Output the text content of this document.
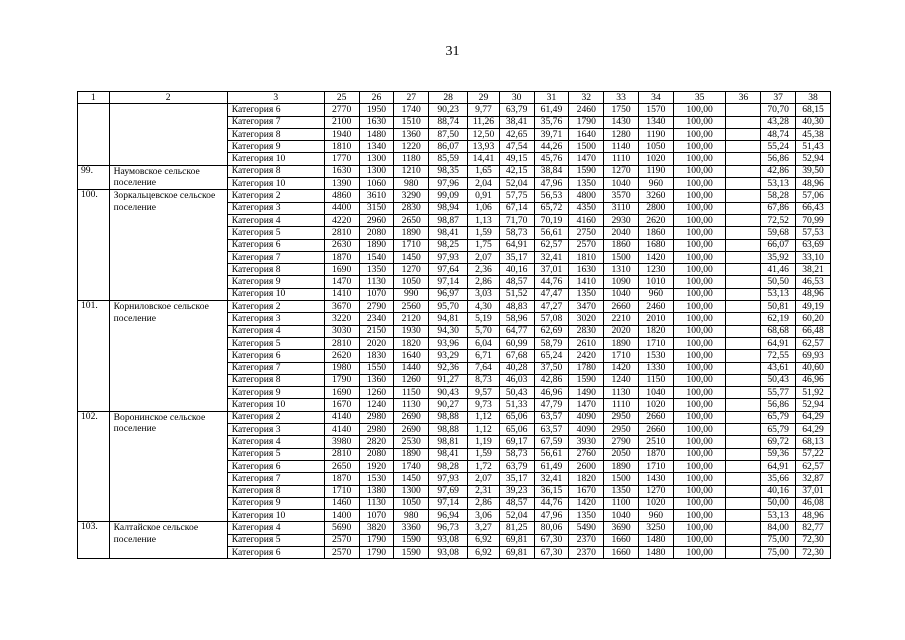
31
1	2	3	25	26	27	28	29	30	31	32	33	34	35	36	37	38
		Категория 6	2770	1950	1740	90,23	9,77	63,79	61,49	2460	1750	1570	100,00		70,70	68,15
		Категория 7	2100	1630	1510	88,74	11,26	38,41	35,76	1790	1430	1340	100,00		43,28	40,30
		Категория 8	1940	1480	1360	87,50	12,50	42,65	39,71	1640	1280	1190	100,00		48,74	45,38
		Категория 9	1810	1340	1220	86,07	13,93	47,54	44,26	1500	1140	1050	100,00		55,24	51,43
		Категория 10	1770	1300	1180	85,59	14,41	49,15	45,76	1470	1110	1020	100,00		56,86	52,94
99.	Наумовское сельское поселение	Категория 8	1630	1300	1210	98,35	1,65	42,15	38,84	1590	1270	1190	100,00		42,86	39,50
		Категория 10	1390	1060	980	97,96	2,04	52,04	47,96	1350	1040	960	100,00		53,13	48,96
100.	Зоркальцевское сельское поселение	Категория 2	4860	3610	3290	99,09	0,91	57,75	56,53	4800	3570	3260	100,00		58,28	57,06
		Категория 3	4400	3150	2830	98,94	1,06	67,14	65,72	4350	3110	2800	100,00		67,86	66,43
		Категория 4	4220	2960	2650	98,87	1,13	71,70	70,19	4160	2930	2620	100,00		72,52	70,99
		Категория 5	2810	2080	1890	98,41	1,59	58,73	56,61	2750	2040	1860	100,00		59,68	57,53
		Категория 6	2630	1890	1710	98,25	1,75	64,91	62,57	2570	1860	1680	100,00		66,07	63,69
		Категория 7	1870	1540	1450	97,93	2,07	35,17	32,41	1810	1500	1420	100,00		35,92	33,10
		Категория 8	1690	1350	1270	97,64	2,36	40,16	37,01	1630	1310	1230	100,00		41,46	38,21
		Категория 9	1470	1130	1050	97,14	2,86	48,57	44,76	1410	1090	1010	100,00		50,50	46,53
		Категория 10	1410	1070	990	96,97	3,03	51,52	47,47	1350	1040	960	100,00		53,13	48,96
101.	Корниловское сельское поселение	Категория 2	3670	2790	2560	95,70	4,30	48,83	47,27	3470	2660	2460	100,00		50,81	49,19
		Категория 3	3220	2340	2120	94,81	5,19	58,96	57,08	3020	2210	2010	100,00		62,19	60,20
		Категория 4	3030	2150	1930	94,30	5,70	64,77	62,69	2830	2020	1820	100,00		68,68	66,48
		Категория 5	2810	2020	1820	93,96	6,04	60,99	58,79	2610	1890	1710	100,00		64,91	62,57
		Категория 6	2620	1830	1640	93,29	6,71	67,68	65,24	2420	1710	1530	100,00		72,55	69,93
		Категория 7	1980	1550	1440	92,36	7,64	40,28	37,50	1780	1420	1330	100,00		43,61	40,60
		Категория 8	1790	1360	1260	91,27	8,73	46,03	42,86	1590	1240	1150	100,00		50,43	46,96
		Категория 9	1690	1260	1150	90,43	9,57	50,43	46,96	1490	1130	1040	100,00		55,77	51,92
		Категория 10	1670	1240	1130	90,27	9,73	51,33	47,79	1470	1110	1020	100,00		56,86	52,94
102.	Воронинское сельское поселение	Категория 2	4140	2980	2690	98,88	1,12	65,06	63,57	4090	2950	2660	100,00		65,79	64,29
		Категория 3	4140	2980	2690	98,88	1,12	65,06	63,57	4090	2950	2660	100,00		65,79	64,29
		Категория 4	3980	2820	2530	98,81	1,19	69,17	67,59	3930	2790	2510	100,00		69,72	68,13
		Категория 5	2810	2080	1890	98,41	1,59	58,73	56,61	2760	2050	1870	100,00		59,36	57,22
		Категория 6	2650	1920	1740	98,28	1,72	63,79	61,49	2600	1890	1710	100,00		64,91	62,57
		Категория 7	1870	1530	1450	97,93	2,07	35,17	32,41	1820	1500	1430	100,00		35,66	32,87
		Категория 8	1710	1380	1300	97,69	2,31	39,23	36,15	1670	1350	1270	100,00		40,16	37,01
		Категория 9	1460	1130	1050	97,14	2,86	48,57	44,76	1420	1100	1020	100,00		50,00	46,08
		Категория 10	1400	1070	980	96,94	3,06	52,04	47,96	1350	1040	960	100,00		53,13	48,96
103.	Калтайское сельское поселение	Категория 4	5690	3820	3360	96,73	3,27	81,25	80,06	5490	3690	3250	100,00		84,00	82,77
		Категория 5	2570	1790	1590	93,08	6,92	69,81	67,30	2370	1660	1480	100,00		75,00	72,30
		Категория 6	2570	1790	1590	93,08	6,92	69,81	67,30	2370	1660	1480	100,00		75,00	72,30
